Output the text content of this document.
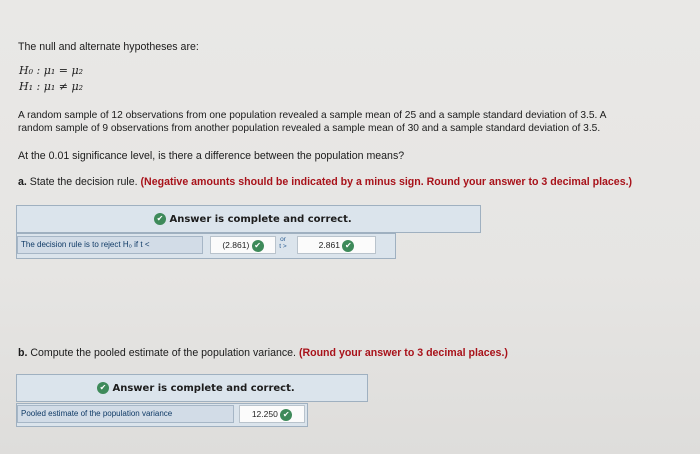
The null and alternate hypotheses are:
H₀ : μ₁ = μ₂
H₁ : μ₁ ≠ μ₂
A random sample of 12 observations from one population revealed a sample mean of 25 and a sample standard deviation of 3.5. A
random sample of 9 observations from another population revealed a sample mean of 30 and a sample standard deviation of 3.5.
At the 0.01 significance level, is there a difference between the population means?
a. State the decision rule. (Negative amounts should be indicated by a minus sign. Round your answer to 3 decimal places.)
✔ Answer is complete and correct.
The decision rule is to reject H₀ if t <	(2.861) ✔
or
t >	2.861 ✔
b. Compute the pooled estimate of the population variance. (Round your answer to 3 decimal places.)
✔ Answer is complete and correct.
Pooled estimate of the population variance	12.250 ✔
